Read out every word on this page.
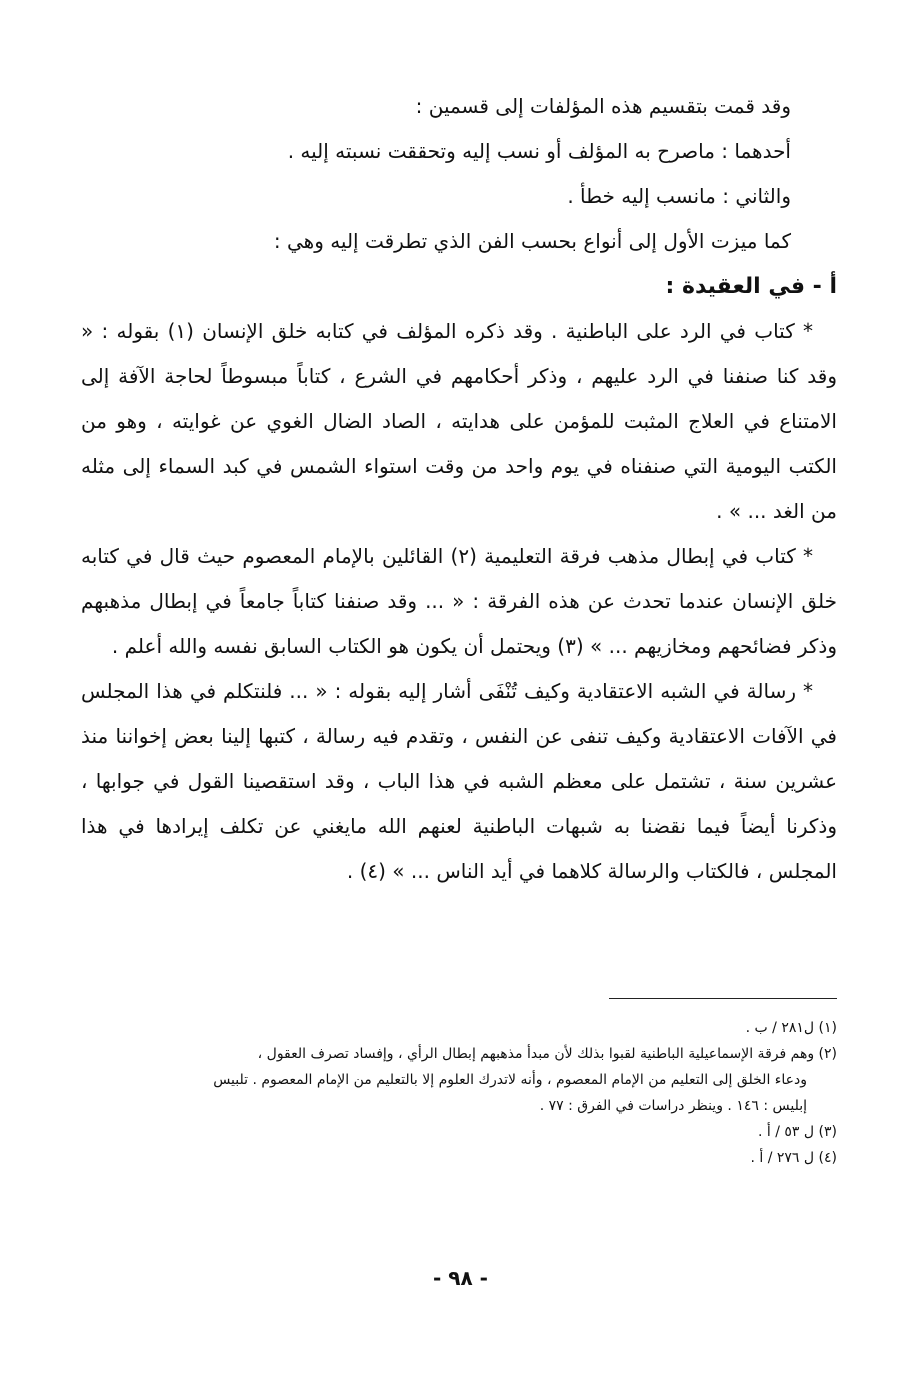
وقد قمت بتقسيم هذه المؤلفات إلى قسمين :

أحدهما : ماصرح به المؤلف أو نسب إليه وتحققت نسبته إليه .

والثاني : مانسب إليه خطأ .

كما ميزت الأول إلى أنواع بحسب الفن الذي تطرقت إليه وهي :

أ - في العقيدة :

* كتاب في الرد على الباطنية . وقد ذكره المؤلف في كتابه خلق الإنسان (١) بقوله : « وقد كنا صنفنا في الرد عليهم ، وذكر أحكامهم في الشرع ، كتاباً مبسوطاً لحاجة الآفة إلى الامتناع في العلاج المثبت للمؤمن على هدايته ، الصاد الضال الغوي عن غوايته ، وهو من الكتب اليومية التي صنفناه في يوم واحد من وقت استواء الشمس في كبد السماء إلى مثله من الغد ... » .

* كتاب في إبطال مذهب فرقة التعليمية (٢) القائلين بالإمام المعصوم حيث قال في كتابه خلق الإنسان عندما تحدث عن هذه الفرقة : « ... وقد صنفنا كتاباً جامعاً في إبطال مذهبهم وذكر فضائحهم ومخازيهم ... » (٣) ويحتمل أن يكون هو الكتاب السابق نفسه والله أعلم .

* رسالة في الشبه الاعتقادية وكيف تُنْفَى أشار إليه بقوله : « ... فلنتكلم في هذا المجلس في الآفات الاعتقادية وكيف تنفى عن النفس ، وتقدم فيه رسالة ، كتبها إلينا بعض إخواننا منذ عشرين سنة ، تشتمل على معظم الشبه في هذا الباب ، وقد استقصينا القول في جوابها ، وذكرنا أيضاً فيما نقضنا به شبهات الباطنية لعنهم الله مايغني عن تكلف إيرادها في هذا المجلس ، فالكتاب والرسالة كلاهما في أيد الناس ... » (٤) .

(١) ل٢٨١ / ب .

(٢) وهم فرقة الإسماعيلية الباطنية لقبوا بذلك لأن مبدأ مذهبهم إبطال الرأي ، وإفساد تصرف العقول ،

ودعاء الخلق إلى التعليم من الإمام المعصوم ، وأنه لاتدرك العلوم إلا بالتعليم من الإمام المعصوم . تلبيس

إبليس : ١٤٦ . وينظر دراسات في الفرق : ٧٧ .

(٣) ل ٥٣ / أ .

(٤) ل ٢٧٦ / أ .

- ٩٨ -
